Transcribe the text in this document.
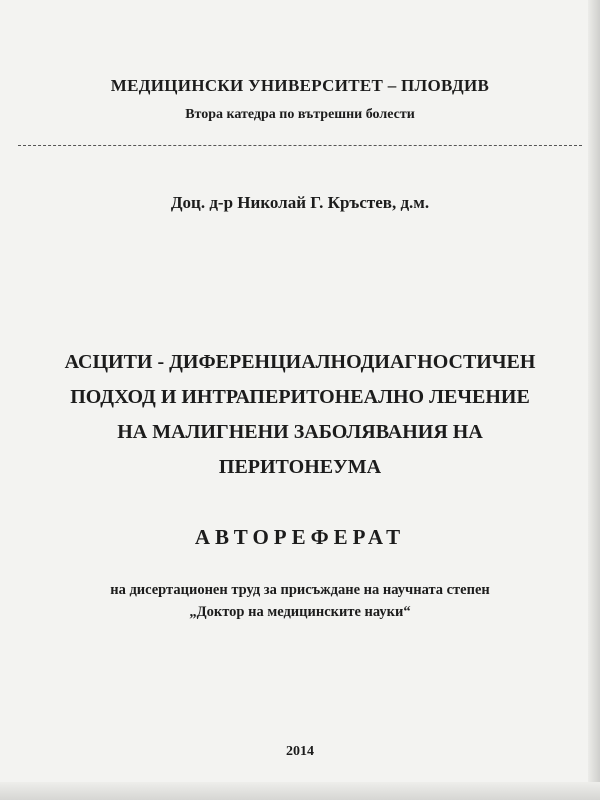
МЕДИЦИНСКИ УНИВЕРСИТЕТ – ПЛОВДИВ
Втора катедра по вътрешни болести
Доц. д-р Николай Г. Кръстев, д.м.
АСЦИТИ - ДИФЕРЕНЦИАЛНОДИАГНОСТИЧЕН
ПОДХОД И ИНТРАПЕРИТОНЕАЛНО ЛЕЧЕНИЕ
НА МАЛИГНЕНИ ЗАБОЛЯВАНИЯ НА
ПЕРИТОНЕУМА
АВТОРЕФЕРАТ
на дисертационен труд за присъждане на научната степен
„Доктор на медицинските науки“
2014
